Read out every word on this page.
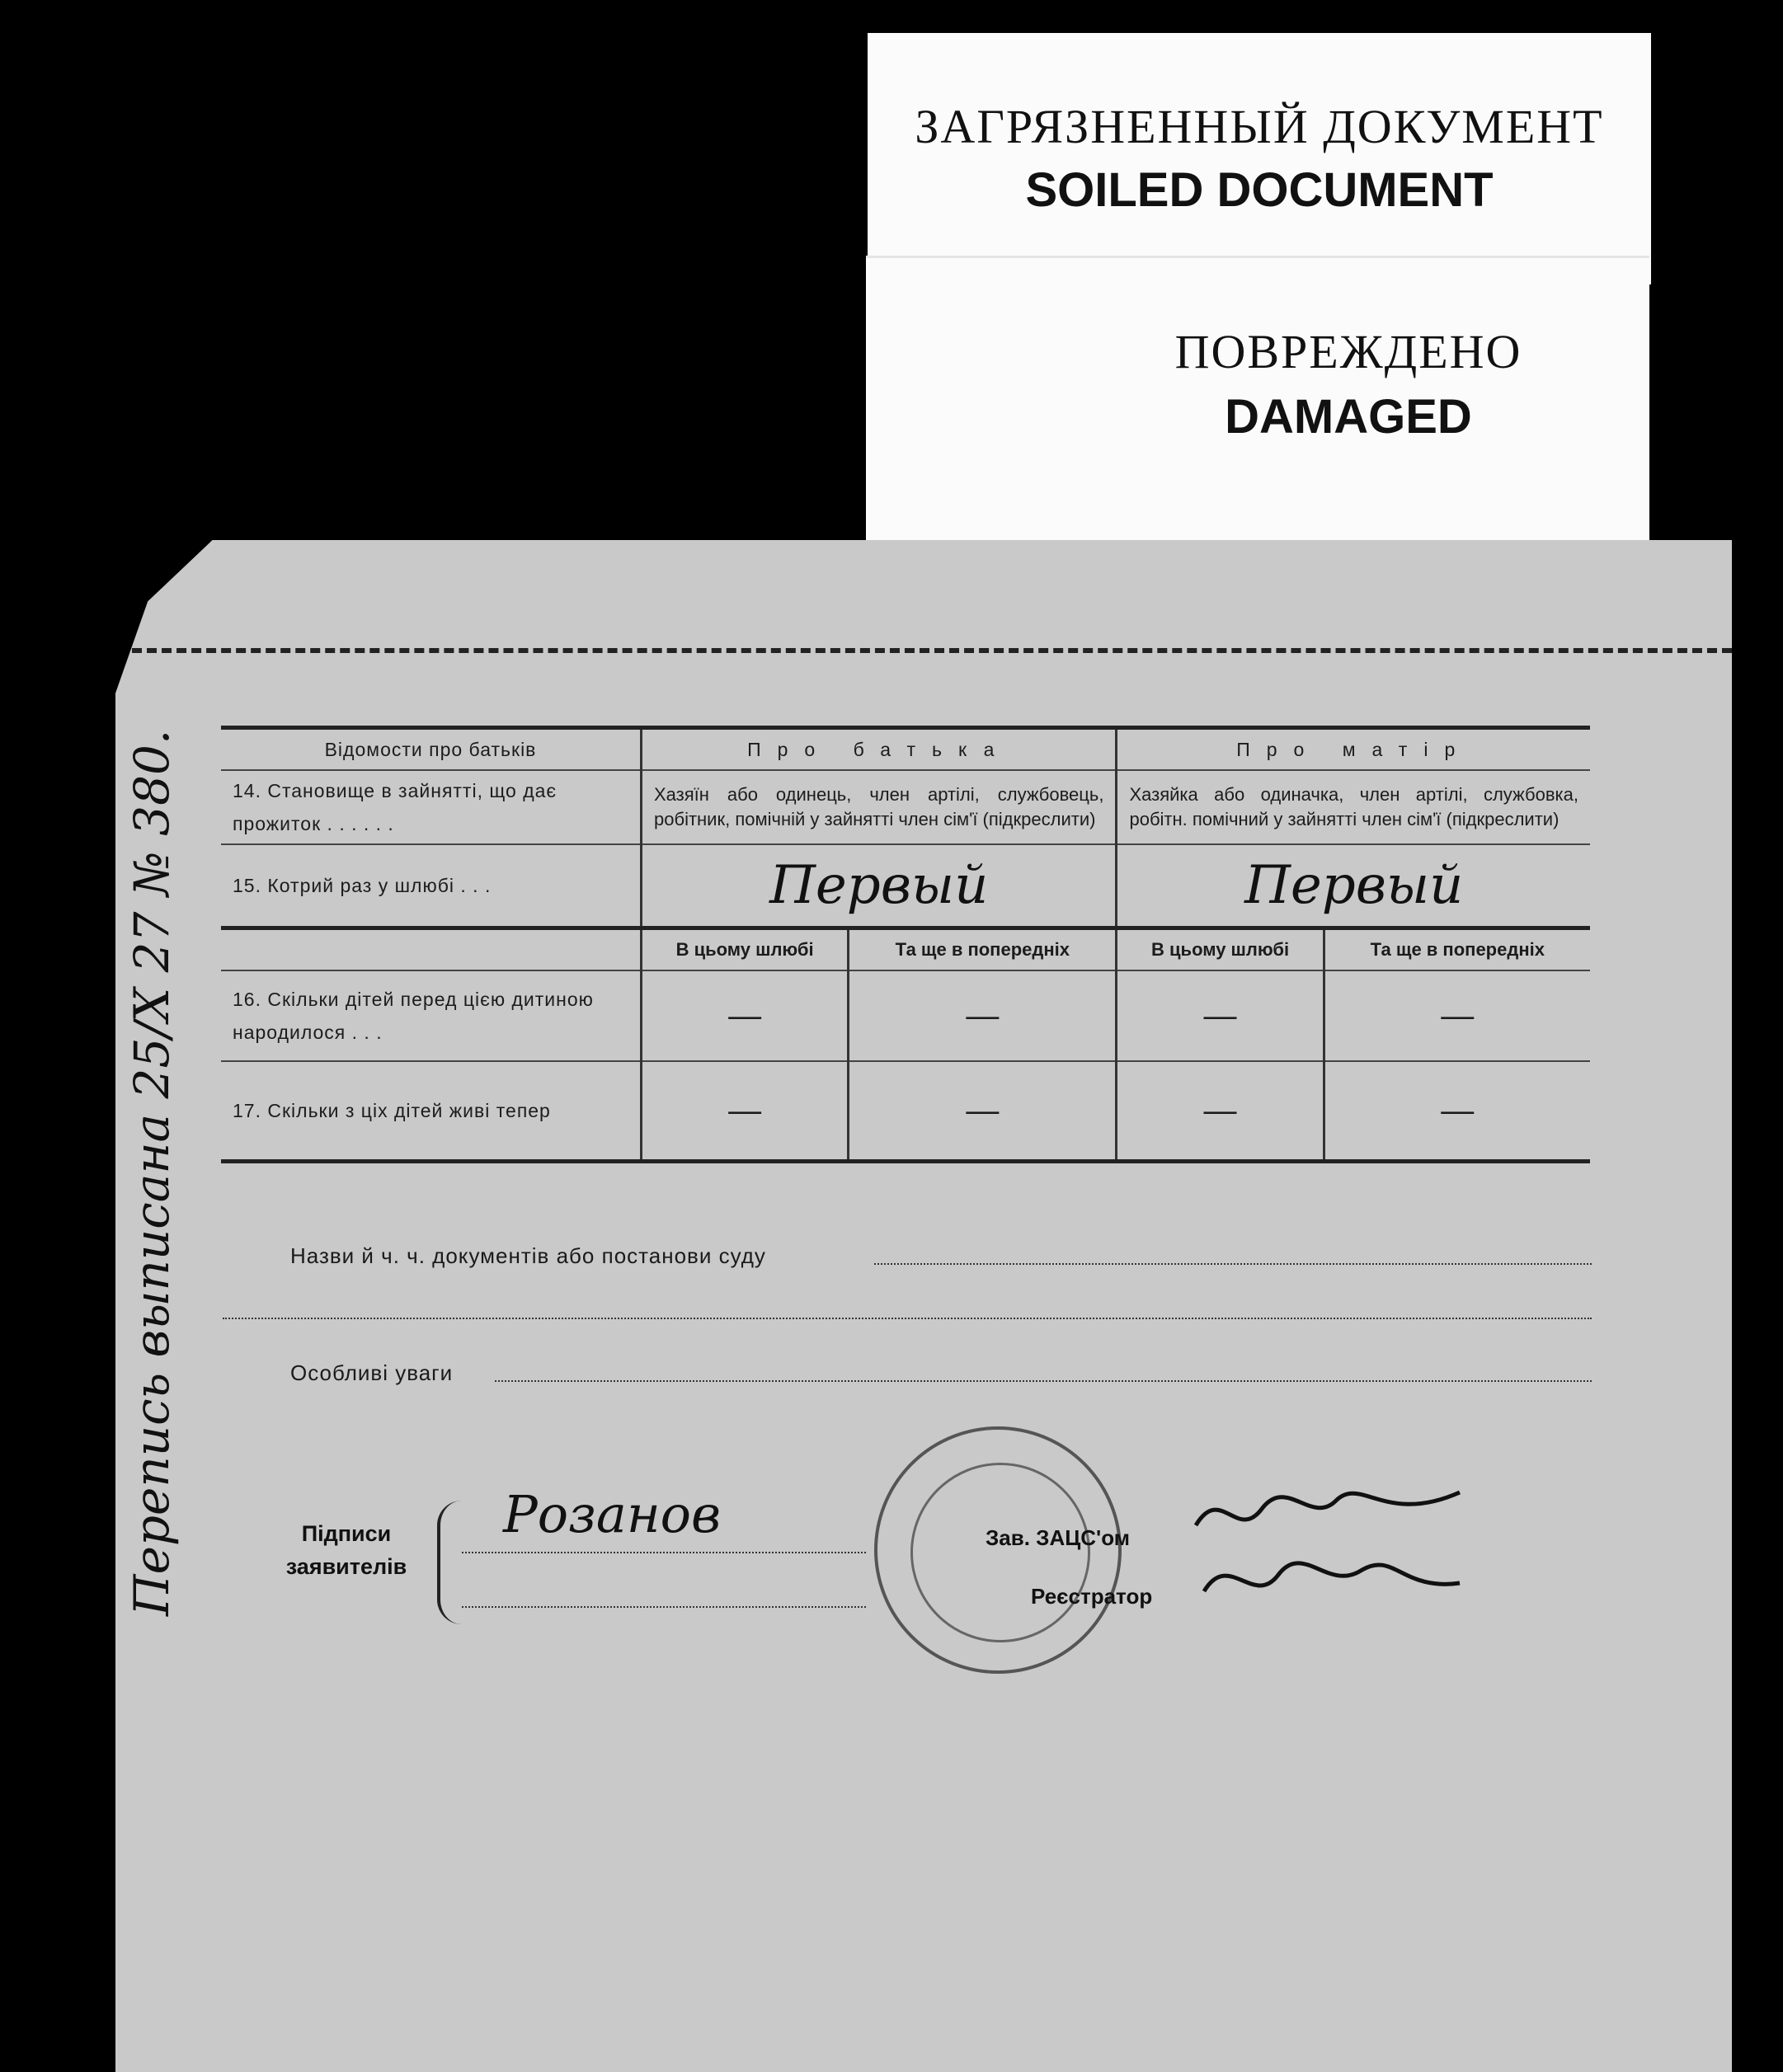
ЗАГРЯЗНЕННЫЙ ДОКУМЕНТ
SOILED DOCUMENT
ПОВРЕЖДЕНО
DAMAGED
Відомости про батьків	Про батька		Про матір	
14. Становище в зайнятті, що дає прожиток . . . . . .	Хазяїн або одинець, член артілі, службовець, робітник, помічній у зайнятті член сім'ї (підкреслити)		Хазяйка або одиначка, член артілі, службовка, робітн. помічний у зайнятті член сім'ї (підкреслити)	
15. Котрий раз у шлюбі . . .	Первый		Первый	
	В цьому шлюбі	Та ще в попередніх	В цьому шлюбі	Та ще в попередніх
16. Скільки дітей перед цією дитиною народилося . . .	—	—	—	—
17. Скільки з ціх дітей живі тепер	—	—	—	—
Назви й ч. ч. документів або постанови суду
Особливі уваги
Підписи заявителів
Розанов	Зав. ЗАЦС'ом
Реєстратор
Перепись выписана 25/X 27 № 380.
